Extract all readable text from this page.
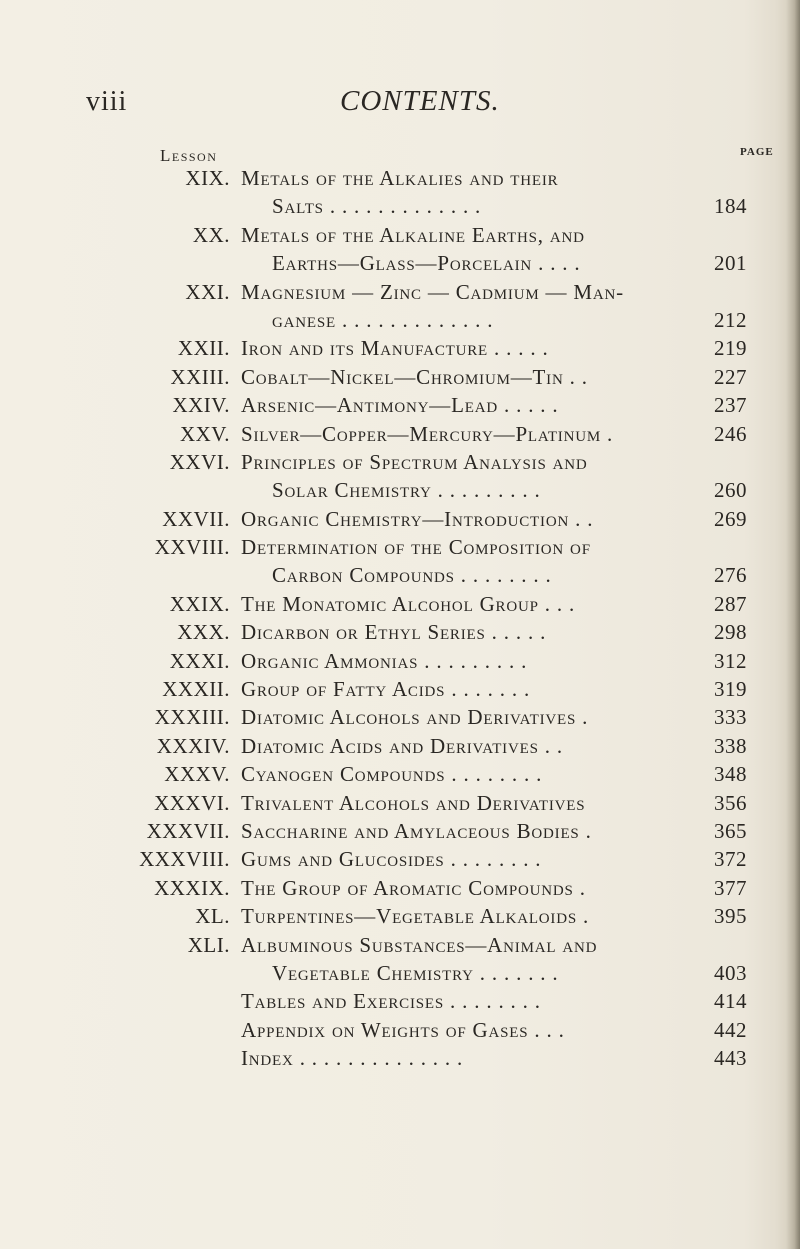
viii	CONTENTS.
Lesson	PAGE
XIX. Metals of the Alkalies and their
Salts . . . . . . . . . . . . .	184
XX. Metals of the Alkaline Earths, and
Earths—Glass—Porcelain . . . .	201
XXI. Magnesium — Zinc — Cadmium — Man-
ganese . . . . . . . . . . . . .	212
XXII. Iron and its Manufacture . . . . .	219
XXIII. Cobalt—Nickel—Chromium—Tin . .	227
XXIV. Arsenic—Antimony—Lead . . . . .	237
XXV. Silver—Copper—Mercury—Platinum .	246
XXVI. Principles of Spectrum Analysis and
Solar Chemistry . . . . . . . . .	260
XXVII. Organic Chemistry—Introduction . .	269
XXVIII. Determination of the Composition of
Carbon Compounds . . . . . . . .	276
XXIX. The Monatomic Alcohol Group . . .	287
XXX. Dicarbon or Ethyl Series . . . . .	298
XXXI. Organic Ammonias . . . . . . . . .	312
XXXII. Group of Fatty Acids . . . . . . .	319
XXXIII. Diatomic Alcohols and Derivatives .	333
XXXIV. Diatomic Acids and Derivatives . .	338
XXXV. Cyanogen Compounds . . . . . . . .	348
XXXVI. Trivalent Alcohols and Derivatives	356
XXXVII. Saccharine and Amylaceous Bodies .	365
XXXVIII. Gums and Glucosides . . . . . . . .	372
XXXIX. The Group of Aromatic Compounds .	377
XL. Turpentines—Vegetable Alkaloids .	395
XLI. Albuminous Substances—Animal and
Vegetable Chemistry . . . . . . .	403
Tables and Exercises . . . . . . . .	414
Appendix on Weights of Gases . . .	442
Index . . . . . . . . . . . . . .	443
